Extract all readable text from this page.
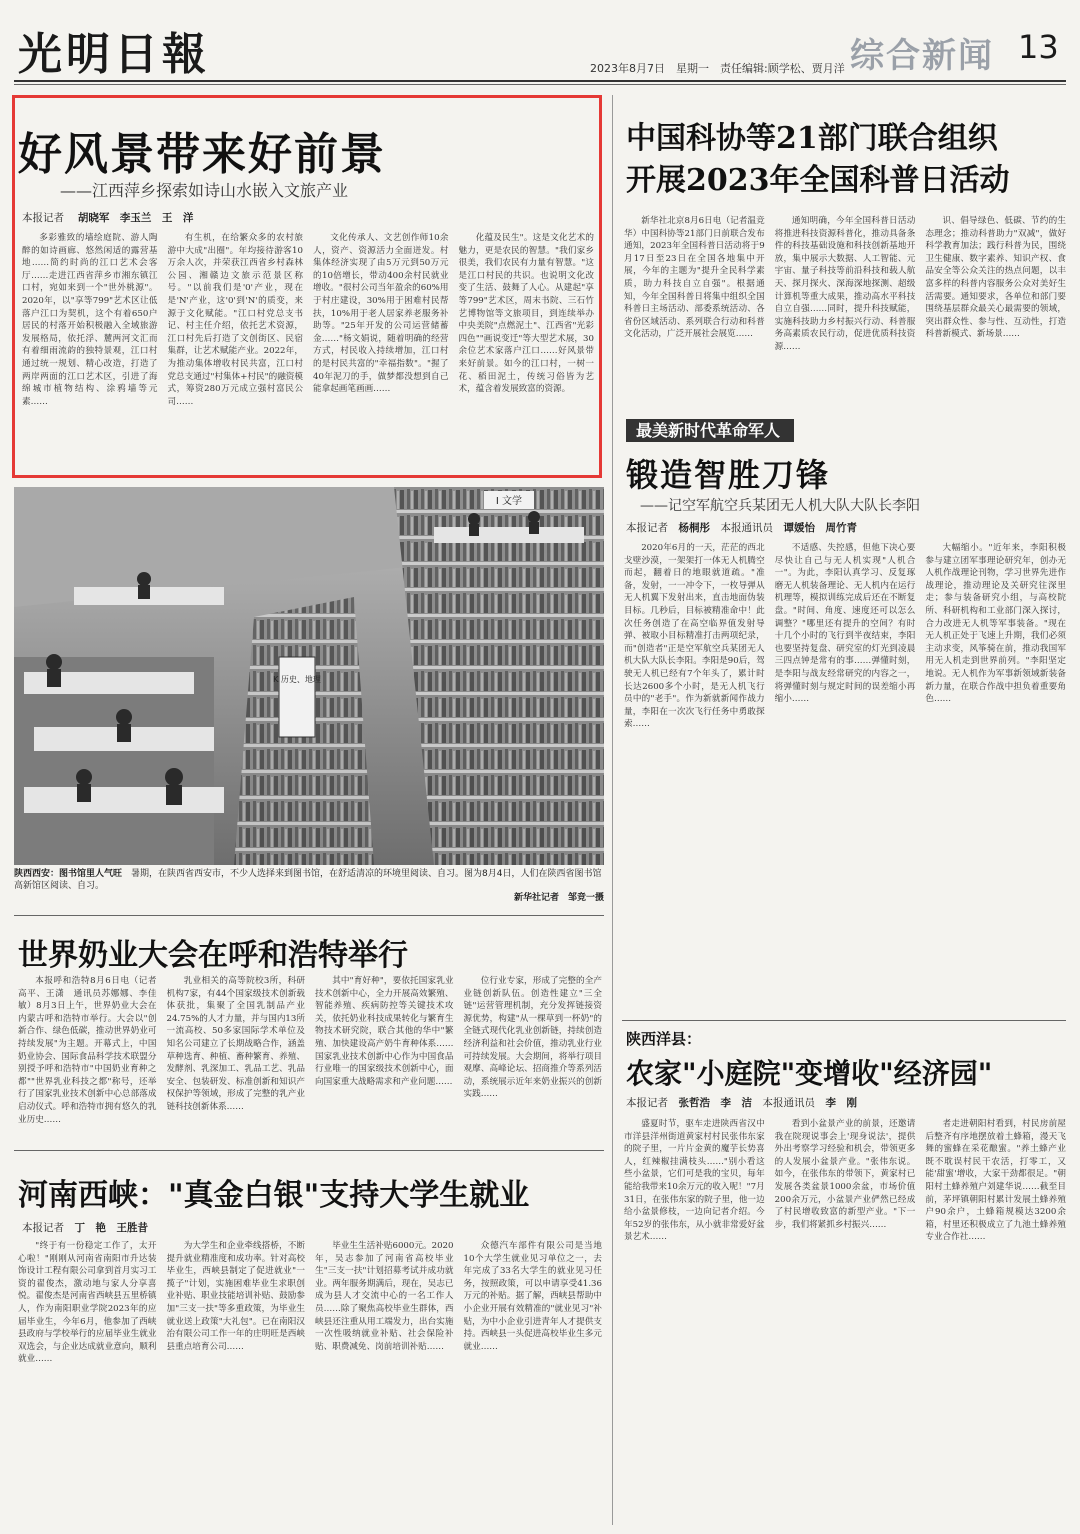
光明日報	2023年8月7日　星期一　责任编辑:顾学松、贾月洋 综合新闻 13
好风景带来好前景
——江西萍乡探索如诗山水嵌入文旅产业
本报记者　 胡晓军　李玉兰　王　洋

多彩雅致的墙绘庭院、游人陶醉的如诗画廊、悠然闲适的露营基地……简约时尚的江口艺术会客厅……走进江西省萍乡市湘东镇江口村，宛如来到一个"世外桃源"。2020年，以"享等799"艺术区让低落户江口为契机，这个有着650户居民的村落开始积极融入全域旅游发展格局，依托浮、麓两河文汇而有着细雨流韵的独特景观，江口村通过统一规划、精心改造，打造了两岸两面的江口艺术区，引进了海绵城市植物结构、涂鸦墙等元素……

有生机，在给繁众多的农村旅游中大成"出圈"。年均接待游客10万余人次，并荣获江西省乡村森林公园、湘赣边文旅示范景区称号。"以前我们是'0'产业，现在是'N'产业，这'0'到'N'的质变，来源于文化赋能。"江口村党总支书记、村主任介绍，依托艺术资源，江口村先后打造了文创街区、民宿集群，让艺术赋能产业。2022年，为推动集体增收村民共富，江口村党总支通过"村集体+村民"的融资模式，筹资280万元成立强村富民公司……

文化传承人、文艺创作师10余人，资产、资源活力全面迸发。村集体经济实现了由5万元到50万元的10倍增长，带动400余村民就业增收。"很村公司当年盈余的60%用于村庄建设，30%用于困难村民帮扶，10%用于老人居家养老服务补助等。"25年开发的公司运营储蓄金……"杨文娟说，随着明确的经营方式，村民收入持续增加，江口村的是村民共富的"幸福指数"。"握了40年泥刀的手，做梦都没想到自己能拿起画笔画画……

化蕴及民生"。这是文化艺术的魅力，更是农民的智慧。"我们家乡很美，我们农民有力量有智慧。"这是江口村民的共识。也说明文化改变了生活、鼓舞了人心。从建起"享等799"艺术区，周末书院、三石竹艺博物馆等文旅项目，到连续举办中央美院"点燃泥土"、江西省"光彩四色""画说变迁"等大型艺术展，30余位艺术家落户江口……好风景带来好前景。如今的江口村，一树一花、稻田泥土，传统习俗皆为艺术，蕴含着发展致富的资源。

K 历史、地理
I 文学
陕西西安：图书馆里人气旺　 暑期，在陕西省西安市，不少人选择来到图书馆，在舒适清凉的环境里阅读、自习。图为8月4日，人们在陕西省图书馆高新馆区阅读、自习。
新华社记者　邹竞一摄
世界奶业大会在呼和浩特举行

本报呼和浩特8月6日电（记者高平、王潇　通讯员苏娜娜、李佳敏）8月3日上午，世界奶业大会在内蒙古呼和浩特市举行。大会以"创新合作、绿色低碳，推动世界奶业可持续发展"为主题。开幕式上，中国奶业协会、国际食品科学技术联盟分别授予呼和浩特市"中国奶业育种之都""世界乳业科技之都"称号，还举行了国家乳业技术创新中心总部落成启动仪式。呼和浩特市拥有悠久的乳业历史……

乳业相关的高等院校3所，科研机构7家，有44个国家级技术创新载体获批，集聚了全国乳制品产业24.75%的人才力量，并与国内13所一流高校、50多家国际学术单位及知名公司建立了长期战略合作，涵盖草种选育、种植、畜种繁育、养殖、发酵剂、乳深加工、乳品工艺、乳品安全、包装研发、标准创新和知识产权保护等领域，形成了完整的乳产业链科技创新体系……

其中"育好种"，要依托国家乳业技术创新中心，全力开展高效繁殖、智能养殖、疾病防控等关键技术攻关，依托奶业科技成果转化与繁育生物技术研究院，联合其他的华中"繁殖、加快建设高产奶牛育种体系……国家乳业技术创新中心作为中国食品行业唯一的国家级技术创新中心，面向国家重大战略需求和产业问题……

位行业专家，形成了完整的全产业链创新队伍。创造性建立"三全链"运营管理机制，充分发挥链接资源优势，构建"从一棵草到一杯奶"的全链式现代化乳业创新链，持续创造经济利益和社会价值，推动乳业行业可持续发展。大会期间，将举行项目观摩、高峰论坛、招商推介等系列活动，系统展示近年来奶业振兴的创新实践……

河南西峡："真金白银"支持大学生就业
本报记者　 丁　艳　王胜昔

"终于有一份稳定工作了，太开心啦！"刚刚从河南省南阳市升达装饰设计工程有限公司拿到首月实习工资的翟俊杰，激动地与家人分享喜悦。翟俊杰是河南省西峡县五里桥镇人，作为南阳职业学院2023年的应届毕业生，今年6月，他参加了西峡县政府与学校举行的应届毕业生就业双选会，与企业达成就业意向，顺利就业……

为大学生和企业牵线搭桥，不断提升就业精准度和成功率。针对高校毕业生，西峡县制定了促进就业"一揽子"计划，实施困难毕业生求职创业补贴、职业技能培训补贴、鼓励参加"三支一扶"等多重政策，为毕业生就业送上政策"大礼包"。已在南阳汉治有限公司工作一年的庄明旺是西峡县重点培育公司……

毕业生生活补贴6000元。2020年，吴志参加了河南省高校毕业生"三支一扶"计划招募考试并成功就业。两年服务期满后，现在，吴志已成为县人才交流中心的一名工作人员……除了聚焦高校毕业生群体，西峡县还注重从用工端发力，出台实施一次性吸纳就业补贴、社会保险补贴、职费减免、岗前培训补贴……

众德汽车部件有限公司是当地10个大学生就业见习单位之一，去年完成了33名大学生的就业见习任务，按照政策，可以申请享受41.36万元的补贴。据了解，西峡县帮助中小企业开展有效精准的"就业见习"补贴，为中小企业引进青年人才提供支持。西峡县一头促进高校毕业生多元就业……

中国科协等21部门联合组织
开展2023年全国科普日活动

新华社北京8月6日电（记者温竞华）中国科协等21部门日前联合发布通知，2023年全国科普日活动将于9月17日至23日在全国各地集中开展，今年的主题为"提升全民科学素质，助力科技自立自强"。根据通知，今年全国科普日将集中组织全国科普日主场活动、部委系统活动、各省份区域活动、系列联合行动和科普文化活动，广泛开展社会展览……

通知明确，今年全国科普日活动将推进科技资源科普化，推动具备条件的科技基础设施和科技创新基地开放，集中展示大数据、人工智能、元宇宙、量子科技等前沿科技和载人航天、探月探火、深海深地探测、超级计算机等重大成果，推动高水平科技自立自强……同时，提升科技赋能，实施科技助力乡村振兴行动、科普服务高素质农民行动，促进优质科技资源……

识、倡导绿色、低碳、节约的生态理念；推动科普助力"双减"，做好科学教育加法；践行科普为民，围绕卫生健康、数字素养、知识产权、食品安全等公众关注的热点问题，以丰富多样的科普内容服务公众对美好生活需要。通知要求，各单位和部门要围绕基层群众最关心最需要的领域，突出群众性、参与性、互动性，打造科普新模式、新场景……

最美新时代革命军人
锻造智胜刀锋
——记空军航空兵某团无人机大队大队长李阳
本报记者　 杨桐彤　 本报通讯员　 谭媛怡　周竹青

2020年6月的一天，茫茫的西北戈壁沙漠，一架架打一体无人机腾空而起，翻着日的地眼就道疏。"准备，发射，一一冲令下，一枚导弹从无人机翼下发射出来，直击地面伪装目标。几秒后，目标被精准命中！此次任务创造了在高空临界值发射导弹、被取小目标精准打击两项纪录，而"创造者"正是空军航空兵某团无人机大队大队长李阳。李阳是90后，驾驶无人机已经有7个年头了，累计时长达2600多个小时，是无人机飞行员中的"老手"。作为新就新闻作战力量，李阳在一次次飞行任务中勇敢探索……

不适感、失控感，但他下决心要尽快让自己与无人机实现"人机合一"。为此，李阳认真学习、反复琢磨无人机装备理论、无人机内在运行机理等，模拟训练完成后还在不断复盘。"时间、角度、速度还可以怎么调整？"哪里还有提升的空间？有时十几个小时的飞行到半夜结束，李阳也要坚持复盘、研究室的灯光到凌晨三四点钟是常有的事……弹懂时刻，是李阳与战友经常研究的内容之一，将弹懂时刻与规定时间的误差缩小再缩小……

大幅缩小。"近年来，李阳积极参与建立团军事理论研究年，创办无人机作战理论刊物，学习世界先进作战理论，推动理论及关研究往深里走；参与装备研究小组，与高校院所、科研机构和工业部门深入探讨，合力改进无人机等军事装备。"现在无人机正处于飞速上升期，我们必须主动求变，风筝骑在前，推动我国军用无人机走到世界前列。"李阳坚定地说。无人机作为军事新领域新装备新力量，在联合作战中担负着重要角色……

陕西洋县：
农家"小庭院"变增收"经济园"
本报记者　 张哲浩　李　洁　 本报通讯员　 李　刚

盛夏时节，驱车走进陕西省汉中市洋县洋州街道黄家村村民张伟东家的院子里，一片片金黄的魔芋长势喜人，红辣椒挂满枝头……"别小看这些小盆景，它们可是我的宝贝，每年能给我带来10余万元的收入呢！"7月31日，在张伟东家的院子里，他一边给小盆景修枝，一边向记者介绍。今年52岁的张伟东，从小就非常爱好盆景艺术……

看到小盆景产业的前景，还邀请我在院现说事会上'现身说法'，提供外出考察学习经验和机会，带领更多的人发展小盆景产业。"张伟东说。如今，在张伟东的带领下，黄家村已发展各类盆景1000余盆，市场价值200余万元，小盆景产业俨然已经成了村民增收致富的新型产业。"下一步，我们将紧抓乡村振兴……

者走进朝阳村看到，村民房前屋后整齐有序地摆放着土蜂箱，漫天飞舞的蜜蜂在采花酿蜜。"养土蜂产业既不耽误村民干农活，打零工，又能'甜蜜'增收，大家干劲都很足。"朝阳村土蜂养殖户刘建华说……截至目前，茅坪镇朝阳村累计发展土蜂养殖户90余户，土蜂箱规模达3200余箱，村里还积极成立了九池土蜂养殖专业合作社……
